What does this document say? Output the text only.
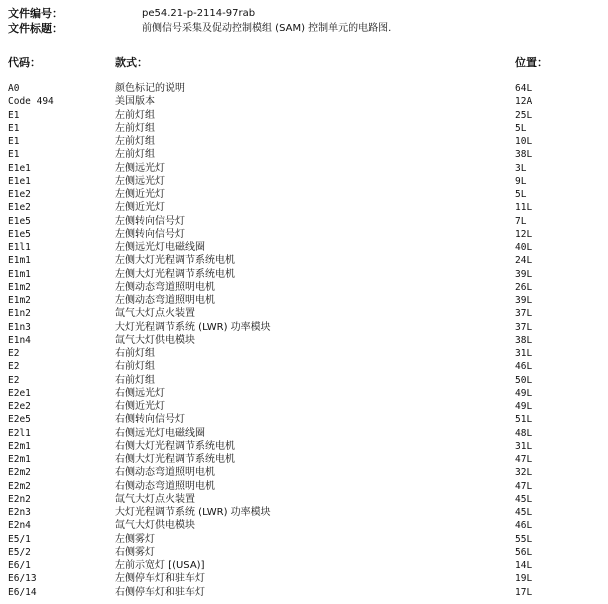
文件编号：	pe54.21-p-2114-97rab
文件标题：	前侧信号采集及促动控制模组 (SAM) 控制单元的电路图.
代码：	款式：	位置：
A0	颜色标记的说明	64L
Code 494	美国版本	12A
E1	左前灯组	25L
E1	左前灯组	5L
E1	左前灯组	10L
E1	左前灯组	38L
E1e1	左侧远光灯	3L
E1e1	左侧远光灯	9L
E1e2	左侧近光灯	5L
E1e2	左侧近光灯	11L
E1e5	左侧转向信号灯	7L
E1e5	左侧转向信号灯	12L
E1l1	左侧远光灯电磁线圈	40L
E1m1	左侧大灯光程调节系统电机	24L
E1m1	左侧大灯光程调节系统电机	39L
E1m2	左侧动态弯道照明电机	26L
E1m2	左侧动态弯道照明电机	39L
E1n2	氙气大灯点火装置	37L
E1n3	大灯光程调节系统 (LWR) 功率模块	37L
E1n4	氙气大灯供电模块	38L
E2	右前灯组	31L
E2	右前灯组	46L
E2	右前灯组	50L
E2e1	右侧远光灯	49L
E2e2	右侧近光灯	49L
E2e5	右侧转向信号灯	51L
E2l1	右侧远光灯电磁线圈	48L
E2m1	右侧大灯光程调节系统电机	31L
E2m1	右侧大灯光程调节系统电机	47L
E2m2	右侧动态弯道照明电机	32L
E2m2	右侧动态弯道照明电机	47L
E2n2	氙气大灯点火装置	45L
E2n3	大灯光程调节系统 (LWR) 功率模块	45L
E2n4	氙气大灯供电模块	46L
E5/1	左侧雾灯	55L
E5/2	右侧雾灯	56L
E6/1	左前示宽灯 [(USA)]	14L
E6/13	左侧停车灯和驻车灯	19L
E6/14	右侧停车灯和驻车灯	17L
